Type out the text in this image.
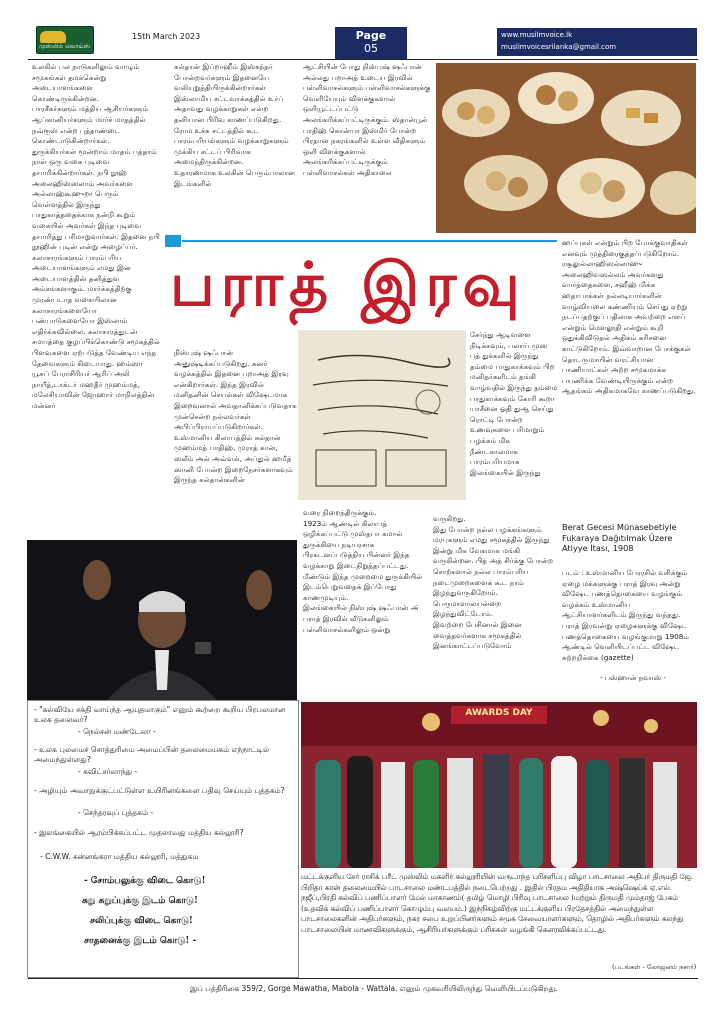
முஸ்லிம் வொய்ஸ்
15th March 2023	Page
05
www.musilmvoice.lk
muslimvoicesrilanka@gmail.com
உலகில் பல நாடுகளிலும் வாழும் சமூகங்கள் தமக்கென்று அடையாளங்களை கொண்டிருக்கின்றன.
பாரசீகர்களும் மத்திய ஆசியர்களும் ஆப்கானியர்களும் மார்ச் மாதத்தில் நவ்ரூஸ் என்ற புத்தாண்டை கொண்டாடுகின்றார்கள்.
துருக்கியர்கள் மூன்றாம் மாதம் பத்தாம் நாள் ஒரு வகை புடிவை தயாரிக்கின்றார்கள். நபி நூஹ் அலைஹிஸ்ஸலாம் அவர்களை அல்லாஹ்கூஹுறா பெரும் வெள்ளத்தில் இருந்து பாதுகாத்ததைக்காக நன்றி கூறும் வகையில் அவர்கள் இந்த புடிவை தயாரித்து பரிமாறுவார்கள். இதனை நபி நூஹின் புடின் என்று அழைப்பர்.
கலாசாரங்களும் பாரம்பரிய அடையாளங்களும் எமது இன அடையாளத்தின் தனித்துவ அம்சங்களாகும். மார்க்கத்திற்கு முரண்படாத வகையிலான கலாசாரங்களையோ பண்பாடுகளையோ இஸ்லாம் எதிர்க்கவில்லை. கலாசாரத்துடன் சமயத்தை குழப்பிக்கொண்டு சமூகத்தில் பிளவுகளை ஏற்படுத்த வேண்டிய எந்த தேவைகளும் கிடையாது. ஹம்ஸா யூசுப் பேராசிரியர் ஆரிப் அலி நாயீத்,டாக்டர் மஹதீர் முஹம்மத், மலேசியாவின் ஜோஹார் மாநிலத்தின் மன்னர்
சுல்தான் இப்றாஹீம் இஸ்கந்தர் போன்றவர்களும் இதனையே வலியுறுத்தியிருக்கின்றார்கள்
இஸ்லாமிய சட்டவாக்கத்தில் உர்ப் அதாவது வழக்காறுகள் என்ற தனியான பிரிவு காணப்படுகிறது. ரோம உச்சு சட்டத்தில் கூட பாரம்பரியங்களும் வழக்காறுகளும் முக்கிய சட்டப் பிரிவாக அமைந்திருக்கின்றன.
உதாரணமாக உலகின் பெரும்பாலான இடங்களில்
ஆட்சியின் போது நிஸ்புஷ் ஷஃபான் அல்லது பறாஅத் உடைய இரவில் பள்ளிவாசல்களும் பள்ளிவாசல்களுக்கு வெளியேயும் விளக்குகளால் ஒளியூட்டப்பட்டு அலங்கரிக்கப்பட்டிருக்கும். ஸ்தான்பூல் பாதிஹ் கொன்யா இஸ்மிர் போன்ற பிரதான நகரங்களில் உள்ள வீதிகளும் ஒளி விளக்குகளால் அலங்கரிக்கப்பட்டிருக்கும் பள்ளிவாசல்கள் அதிகாலை
பராத் இரவு
ஹப்புகள் என்றும் பிற போக்குவாதிகள் எனவும் முத்திரைகுத்தப்படுகிறோம்.
ரசூலுல்லாஹிஸல்லாஹு அலைஹிவஸல்லம் அவர்களது வார்த்தைகளை, சஹீஹ் மிக்க ஹதாபாக்கள் நல்லடியார்களின் வாழ்வியலை கண்ணியம் செய்து ஏற்று நடப்பதற்குப் பதிலாக அவற்றை எளப் என்றும் மௌலூதி என்றும் கூறி ஒதுக்கிவிடுதல் அதிகம் கரிசனை காட்டுகிறோம். இவ்வாறான போக்குகள் தொடருமாயின் வரட்சியான பாணியாட்கள் அற்ற சமூகமாக்க பயணிக்க வேண்டியிருக்கும் என்ற ஆதங்கம் அதிகமாகவே காணப்படுகிறது.
Berat Gecesi Münasebetiyle Fukaraya Dağıtılmak Üzere Atiyye İtası, 1908
படம் : உஸ்மானிய பேரரசில் வசிக்கும் ஏழை மக்களுக்கு பராத் இரவு அன்று விஷேட பணத்தொகையை வழங்கும் வழக்கம் உஸ்மானிய ஆட்சியாளர்களிடம் இருந்து வந்தது. பராத் இரவன்று ஏழைகளுக்கு விஷேட பணத்தொகையை வழங்குமாறு 1908ம் ஆண்டில் வெளியிடப்பட்ட விஷேட சுற்றறிக்கை (gazette)
- பஸ்ஹான் நவாஸ் -
நிஸ்புஷ் ஷஃபான் அனுஷ்டிக்கப்படுகிறது. சுனர் வழக்கத்தில் இதனை பறாஅத் இரவு என்கிறார்கள். இந்த இரவில் மனிதனின் செயல்கள் விஷேடமாக இறைவனால் அவதானிக்கப்படுவதாக முன்சென்ற நல்லவர்கள் அபிப்பிராயப்படுகிறார்கள்.
உஸ்மானிய கிலாபத்தில் சுல்தான் முஹம்மத் பாதிஹ், முராத் கான், ஸலீம் அல் அவ்வல், அப்துல் ஹமீத் ஸானி போன்ற இறைநேசர்களாகவும் இருந்த சுல்தான்களின்
சேர்ந்து ஆடிவளை நிடிக்கவும், பலாய் முஸ பத் துக்களில் இருந்து தம்மை பாதுகாக்கவும் பிற மனிதர்களிடம் தங்கி வாழ்வதில் இருந்து தம்மை பாதுகாக்கவும் கோரி கூறா யாசீனை ஓதி துஆ செய்து ரொட்டி போன்ற உணவுகளை பரிமாறும் பழக்கம் மிக நீண்டகாலமாக பாரம்பரியமாக இலங்கையில் இருந்து
வரை நிறைந்திருக்கும்.
1923ம் ஆண்டில் கிலாபத் ஒழிக்கப்பட்டு முஸ்தபா கமால் துருக்கியை நடியரசாக பிரகடனப்படுத்திய பின்னர் இந்த வழக்காறு இடைநிறுத்தப்பட்டது. மீண்டும் இந்த முறைமை துருக்கியில் இடம்பெறுவதைக் இப்போது காணமுடியும்.
இலங்கையில் நிஸ்புஷ் ஷஃபான் அ் பராத் இரவில் வீடுகளிலும் பள்ளிவாசல்களிலும் ஒன்று
வருகிறது.
இது போன்ற நல்ல பழக்கங்களும் மரபுகளும் எமது சமூகத்தில் இருந்து இன்று மிக வேகமாக மங்கி வருகின்றன. பித் அத் சிர்க்கு போன்ற சொற்களால் நல்ல பாரம்பரிய நடைமுறைகளைக் கூட நாம் இழந்துவருகிறோம். பெருமாளாலயன்றை இழந்துவிட்டோம்.
இவற்றை பேசினால் இனை வைத்தவர்களாக சமூகத்தில் இனங்காட்டப்படுவோம்
- "கல்வியே சக்தி வாய்ந்த ஆயுதமாகும்" எனும் கூற்றை கூறிய பிரபலமான உலக தலைவர்?
- நெல்சன் மண்டேலா -
- உலக புலமைச் சொத்துரிமை அமைப்பின் தலைமையகம் எந்நாட்டில் அமைந்துள்ளது?
- சுவிட்சர்லாந்து -
- அழியும் அவாநுக்குட்பட்டுள்ள உயிரினங்களை பதிவு செய்யும் புத்தகம்?
- செந்தரவுப் புத்தகம் -
- இலங்கையில் ஆரம்பிக்கப்பட்ட முதலாவது மத்திய கல்லூரி?
- C.W.W. கன்னங்கரா மத்திய கல்லூரி, மத்துகம
- சோம்பலுக்கு விடை கொடு!
சுறு சுறுப்புக்கு இடம் கொடு!
சலிப்புக்கு விடை கொடு!
சாதனைக்கு இடம் கொடு! -
AWARDS DAY
மட்டக்குளிய சேர் ராசிக் பரீட் முஸ்லிம் மகளிர் கல்லூரியின் வருடாந்த பரிசளிப்பு விழா பாடசாலை அதிபர் திருமதி ஜே. பிறிதா கான் தலைமையில் பாடசாலை மண்டபத்தில் நடைபெற்றது . இதில் பிரதம அதிதியாக அஷ்ஷெய்க் ஏ.எல். நஜீப்,பிரதி கல்விப் பணிப்பாளர் மேல் மாகாணம்( தமிழ் மொழி பிரிவு பாடசாலை )மற்றும் திருமதி மும்தாஜ் பேகம் (உதவிக் கல்விப் பணிப்பாளர் கொழும்பு வலயம்.) இந்நிகழ்விற்கு மட்டக்குளிய பிரதேசத்தில் அமைந்துள்ள பாடசாலைகளின் அதிபர்களும், நகர சபை உறுப்பினர்களும் சமூக சேவையாளர்களும், தொழில் அதிபர்களும் கலந்து பாடசாலையின் மாணவிகளுக்கும், ஆசிரியர்களுக்கும் பரிசுகள் வழங்கி கௌரவிக்கப்பட்டது.
(படங்கள் - லோஜனம் நசார்)
இப் பத்திரிகை 359/2, Gorge Mawatha, Mabola - Wattala. எனும் முகவரியிலிருந்து வெளியிடப்படுகிறது.
